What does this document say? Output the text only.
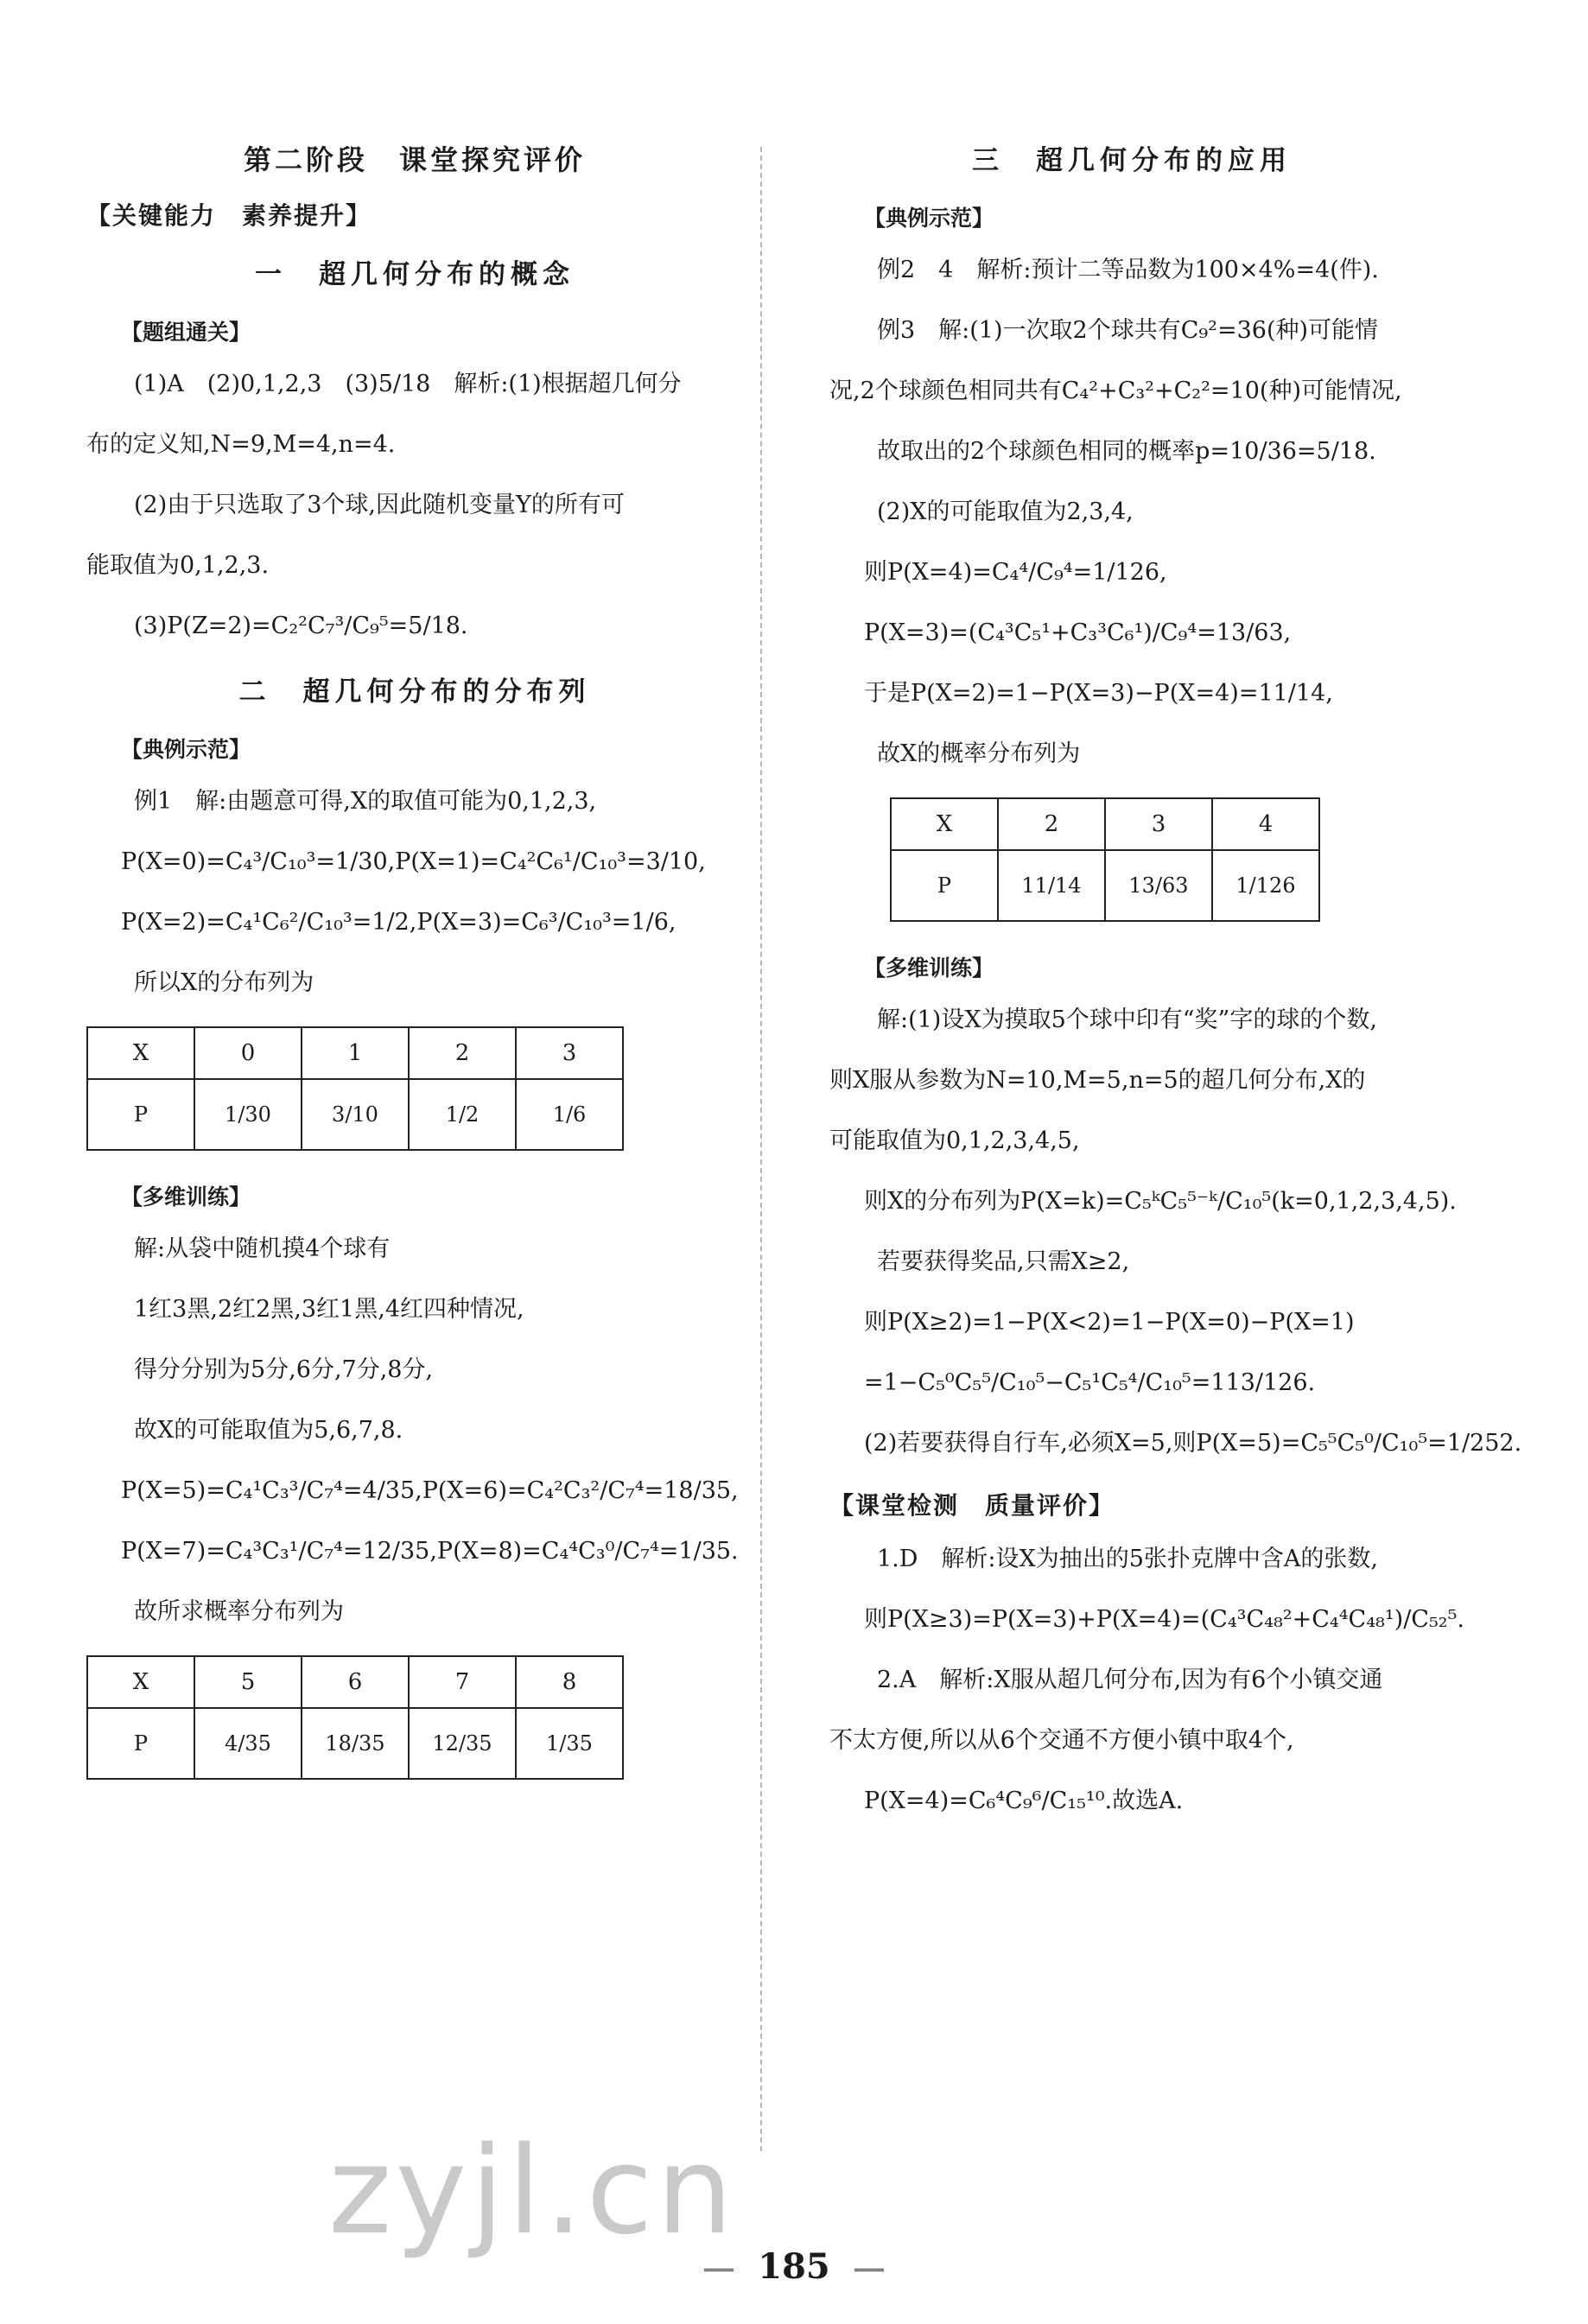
第二阶段　课堂探究评价
【关键能力　素养提升】
一　超几何分布的概念
【题组通关】
(1)A　(2)0,1,2,3　(3)5/18　解析:(1)根据超几何分
布的定义知,N=9,M=4,n=4.
(2)由于只选取了3个球,因此随机变量Y的所有可
能取值为0,1,2,3.
(3)P(Z=2)=C₂²C₇³/C₉⁵=5/18.
二　超几何分布的分布列
【典例示范】
例1　解:由题意可得,X的取值可能为0,1,2,3,
P(X=0)=C₄³/C₁₀³=1/30,P(X=1)=C₄²C₆¹/C₁₀³=3/10,
P(X=2)=C₄¹C₆²/C₁₀³=1/2,P(X=3)=C₆³/C₁₀³=1/6,
所以X的分布列为
X	0	1	2	3
P	1/30	3/10	1/2	1/6
【多维训练】
解:从袋中随机摸4个球有
1红3黑,2红2黑,3红1黑,4红四种情况,
得分分别为5分,6分,7分,8分,
故X的可能取值为5,6,7,8.
P(X=5)=C₄¹C₃³/C₇⁴=4/35,P(X=6)=C₄²C₃²/C₇⁴=18/35,
P(X=7)=C₄³C₃¹/C₇⁴=12/35,P(X=8)=C₄⁴C₃⁰/C₇⁴=1/35.
故所求概率分布列为
X	5	6	7	8
P	4/35	18/35	12/35	1/35
三　超几何分布的应用
【典例示范】
例2　4　解析:预计二等品数为100×4%=4(件).
例3　解:(1)一次取2个球共有C₉²=36(种)可能情
况,2个球颜色相同共有C₄²+C₃²+C₂²=10(种)可能情况,
故取出的2个球颜色相同的概率p=10/36=5/18.
(2)X的可能取值为2,3,4,
则P(X=4)=C₄⁴/C₉⁴=1/126,
P(X=3)=(C₄³C₅¹+C₃³C₆¹)/C₉⁴=13/63,
于是P(X=2)=1−P(X=3)−P(X=4)=11/14,
故X的概率分布列为
X	2	3	4
P	11/14	13/63	1/126
【多维训练】
解:(1)设X为摸取5个球中印有“奖”字的球的个数,
则X服从参数为N=10,M=5,n=5的超几何分布,X的
可能取值为0,1,2,3,4,5,
则X的分布列为P(X=k)=C₅ᵏC₅⁵⁻ᵏ/C₁₀⁵(k=0,1,2,3,4,5).
若要获得奖品,只需X≥2,
则P(X≥2)=1−P(X<2)=1−P(X=0)−P(X=1)
=1−C₅⁰C₅⁵/C₁₀⁵−C₅¹C₅⁴/C₁₀⁵=113/126.
(2)若要获得自行车,必须X=5,则P(X=5)=C₅⁵C₅⁰/C₁₀⁵=1/252.
【课堂检测　质量评价】
1.D　解析:设X为抽出的5张扑克牌中含A的张数,
则P(X≥3)=P(X=3)+P(X=4)=(C₄³C₄₈²+C₄⁴C₄₈¹)/C₅₂⁵.
2.A　解析:X服从超几何分布,因为有6个小镇交通
不太方便,所以从6个交通不方便小镇中取4个,
P(X=4)=C₆⁴C₉⁶/C₁₅¹⁰.故选A.
zyjl.cn
185
